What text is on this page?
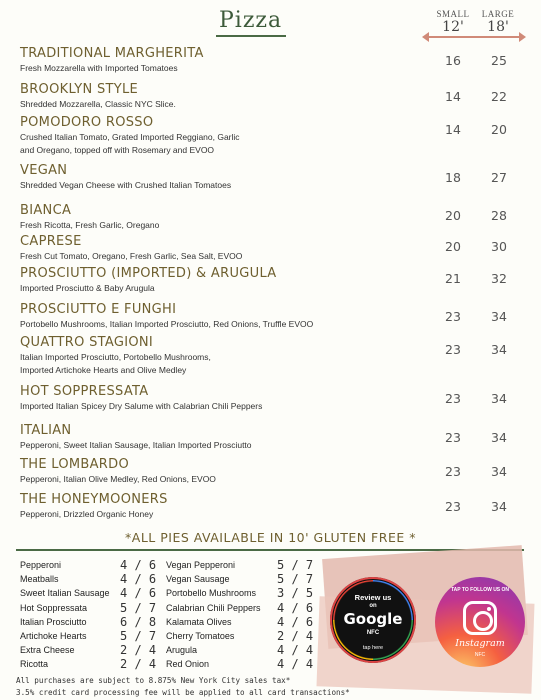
Pizza	SMALL
12'
LARGE
18'
TRADITIONAL MARGHERITA
Fresh Mozzarella with Imported Tomatoes	16	25
BROOKLYN STYLE
Shredded Mozzarella, Classic NYC Slice.	14	22
POMODORO ROSSO
Crushed Italian Tomato, Grated Imported Reggiano, Garlic
and Oregano, topped off with Rosemary and EVOO
14	20
VEGAN
Shredded Vegan Cheese with Crushed Italian Tomatoes	18	27
BIANCA
Fresh Ricotta, Fresh Garlic, Oregano
20	28
CAPRESE
Fresh Cut Tomato, Oregano, Fresh Garlic, Sea Salt, EVOO
20	30
PROSCIUTTO (IMPORTED) & ARUGULA
Imported Prosciutto & Baby Arugula
21	32
PROSCIUTTO E FUNGHI
Portobello Mushrooms, Italian Imported Prosciutto, Red Onions, Truffle EVOO	23	34
QUATTRO STAGIONI
Italian Imported Prosciutto, Portobello Mushrooms,
Imported Artichoke Hearts and Olive Medley
23	34
HOT SOPPRESSATA
Imported Italian Spicey Dry Salume with Calabrian Chili Peppers	23	34
ITALIAN
Pepperoni, Sweet Italian Sausage, Italian Imported Prosciutto	23	34
THE LOMBARDO
Pepperoni, Italian Olive Medley, Red Onions, EVOO	23	34
THE HONEYMOONERS
Pepperoni, Drizzled Organic Honey	23	34
*ALL PIES AVAILABLE IN 10' GLUTEN FREE *
Pepperoni	4 / 6
Meatballs	4 / 6
Sweet Italian Sausage 4 / 6
Hot Soppressata	5 / 7
Italian Prosciutto	6 / 8
Artichoke Hearts	5 / 7
Extra Cheese	2 / 4
Ricotta	2 / 4
Vegan Pepperoni	5 / 7
Vegan Sausage	5 / 7
Portobello Mushrooms 3 / 5
Calabrian Chili Peppers 4 / 6
Kalamata Olives	4 / 6
Cherry Tomatoes	2 / 4
Arugula	4 / 4
Red Onion	4 / 4
All purchases are subject to 8.875% New York City sales tax*
3.5% credit card processing fee will be applied to all card transactions*
Review us
on
Google
NFC
tap here
TAP TO FOLLOW US ON
Instagram
NFC
